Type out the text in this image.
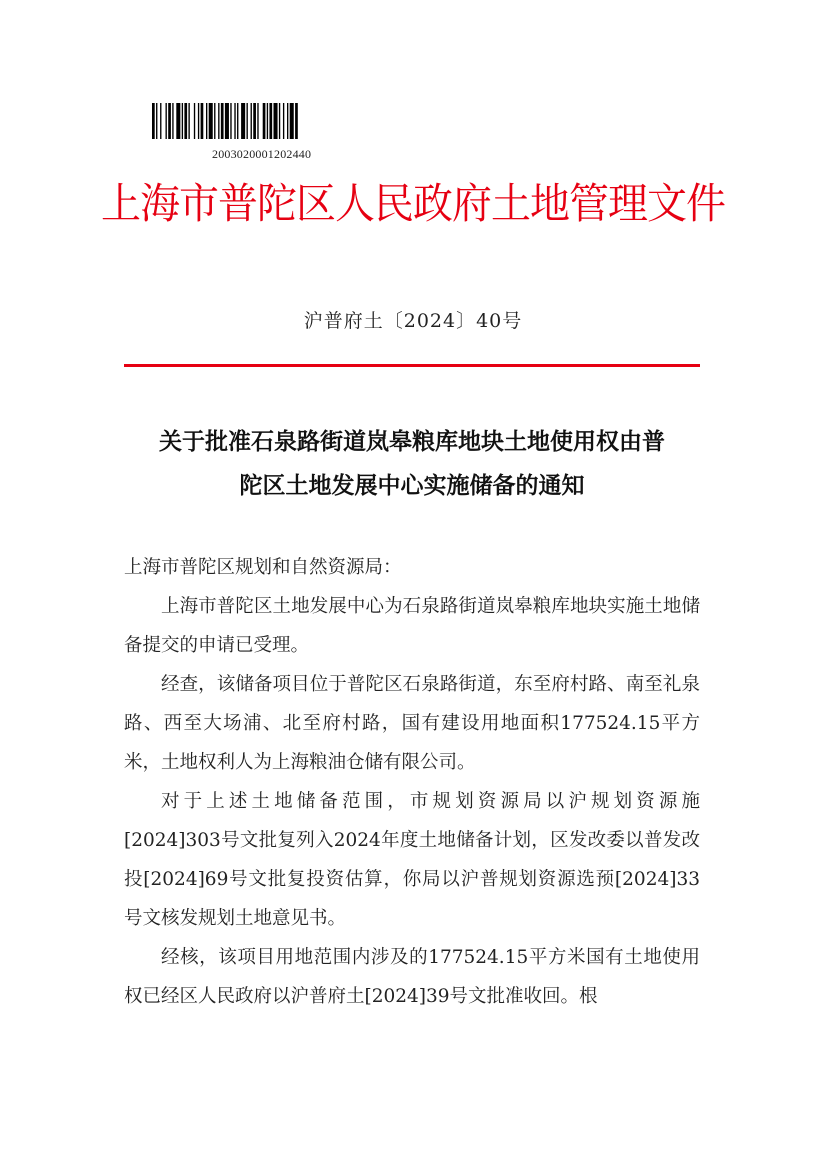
2003020001202440
上海市普陀区人民政府土地管理文件
沪普府土〔2024〕40号
关于批准石泉路街道岚皋粮库地块土地使用权由普
陀区土地发展中心实施储备的通知

上海市普陀区规划和自然资源局：

上海市普陀区土地发展中心为石泉路街道岚皋粮库地块实施土地储备提交的申请已受理。

经查，该储备项目位于普陀区石泉路街道，东至府村路、南至礼泉路、西至大场浦、北至府村路，国有建设用地面积177524.15平方米，土地权利人为上海粮油仓储有限公司。

对于上述土地储备范围，市规划资源局以沪规划资源施[2024]303号文批复列入2024年度土地储备计划，区发改委以普发改投[2024]69号文批复投资估算，你局以沪普规划资源选预[2024]33号文核发规划土地意见书。

经核，该项目用地范围内涉及的177524.15平方米国有土地使用权已经区人民政府以沪普府土[2024]39号文批准收回。根
